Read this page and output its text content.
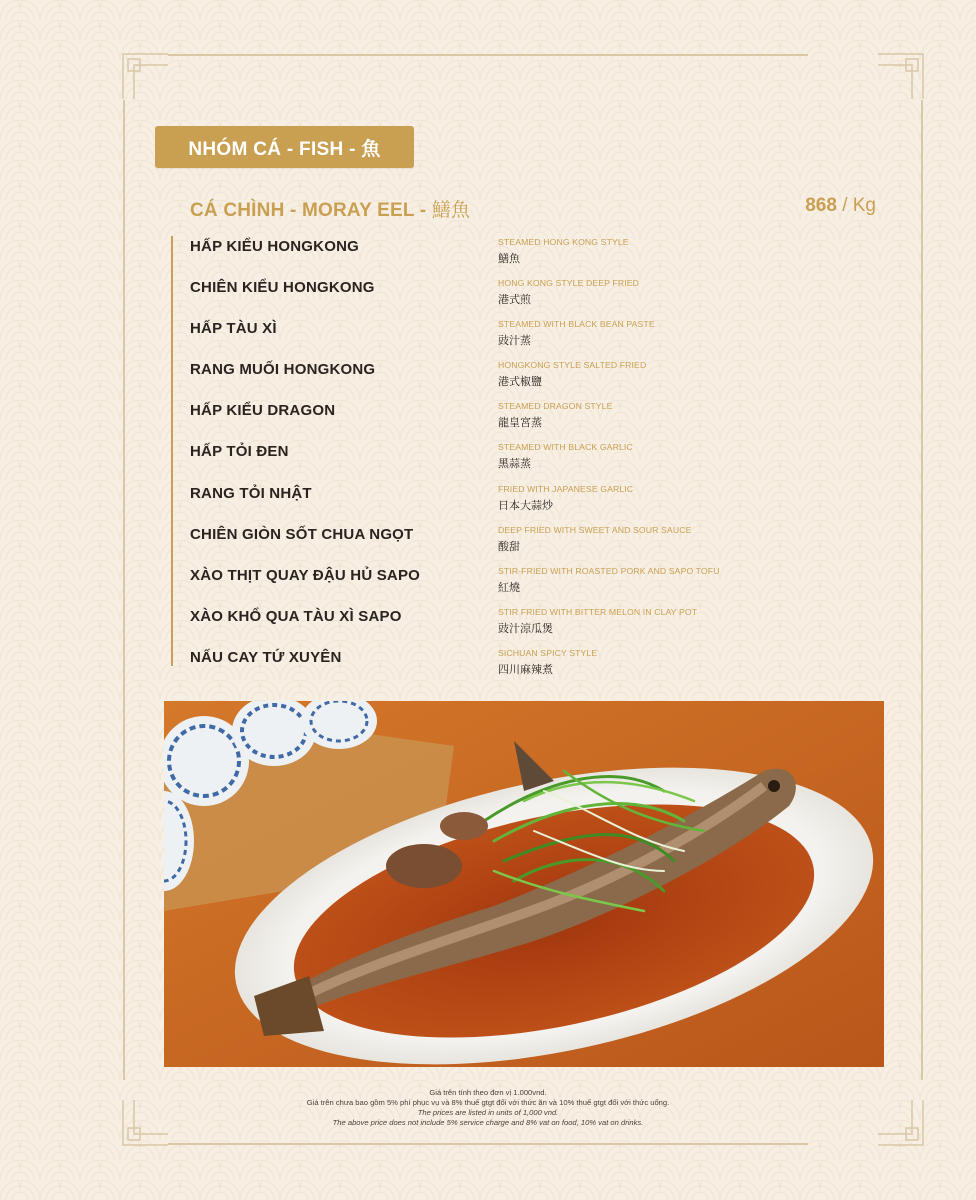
NHÓM CÁ - FISH - 魚
CÁ CHÌNH - MORAY EEL - 鱔魚	868 / Kg
HẤP KIỂU HONGKONG	STEAMED HONG KONG STYLE
鱔魚
CHIÊN KIỂU HONGKONG	HONG KONG STYLE DEEP FRIED
港式煎
HẤP TÀU XÌ	STEAMED WITH BLACK BEAN PASTE
豉汁蒸
RANG MUỐI HONGKONG	HONGKONG STYLE SALTED FRIED
港式椒鹽
HẤP KIỂU DRAGON	STEAMED DRAGON STYLE
龍皇宮蒸
HẤP TỎI ĐEN	STEAMED WITH BLACK GARLIC
黑蒜蒸
RANG TỎI NHẬT	FRIED WITH JAPANESE GARLIC
日本大蒜炒
CHIÊN GIÒN SỐT CHUA NGỌT	DEEP FRIED WITH SWEET AND SOUR SAUCE
酸甜
XÀO THỊT QUAY ĐẬU HỦ SAPO	STIR-FRIED WITH ROASTED PORK AND SAPO TOFU
紅燒
XÀO KHỔ QUA TÀU XÌ SAPO	STIR FRIED WITH BITTER MELON IN CLAY POT
豉汁涼瓜煲
NẤU CAY TỨ XUYÊN	SICHUAN SPICY STYLE
四川麻辣煮
Giá trên tính theo đơn vị 1.000vnd.
Giá trên chưa bao gồm 5% phí phục vụ và 8% thuế gtgt đối với thức ăn và 10% thuế gtgt đối với thức uống.
The prices are listed in units of 1,000 vnd.
The above price does not include 5% service charge and 8% vat on food, 10% vat on drinks.
